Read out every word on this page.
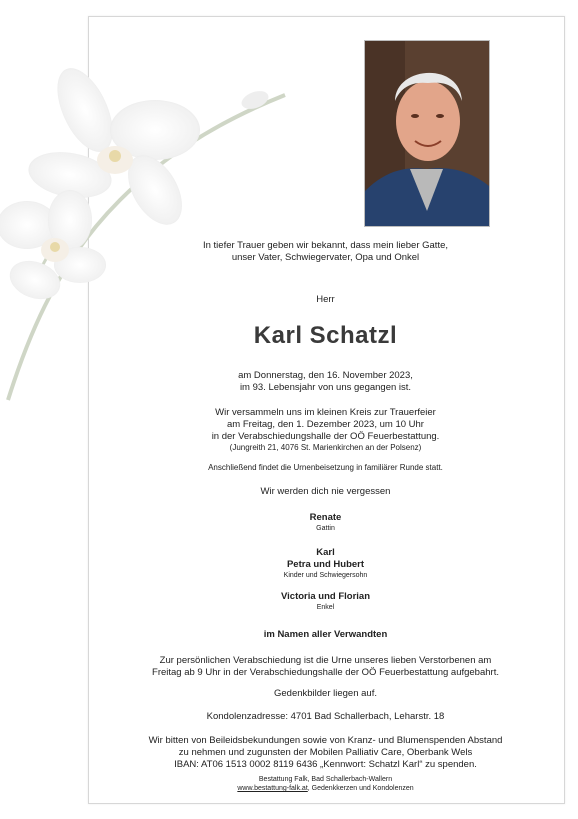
In tiefer Trauer geben wir bekannt, dass mein lieber Gatte,
unser Vater, Schwiegervater, Opa und Onkel
Herr
Karl Schatzl
am Donnerstag, den 16. November 2023,
im 93. Lebensjahr von uns gegangen ist.
Wir versammeln uns im kleinen Kreis zur Trauerfeier
am Freitag, den 1. Dezember 2023, um 10 Uhr
in der Verabschiedungshalle der OÖ Feuerbestattung.
(Jungreith 21, 4076 St. Marienkirchen an der Polsenz)
Anschließend findet die Urnenbeisetzung in familiärer Runde statt.
Wir werden dich nie vergessen
Renate
Gattin
Karl
Petra und Hubert
Kinder und Schwiegersohn
Victoria und Florian
Enkel
im Namen aller Verwandten
Zur persönlichen Verabschiedung ist die Urne unseres lieben Verstorbenen am
Freitag ab 9 Uhr in der Verabschiedungshalle der OÖ Feuerbestattung aufgebahrt.
Gedenkbilder liegen auf.
Kondolenzadresse: 4701 Bad Schallerbach, Leharstr. 18
Wir bitten von Beileidsbekundungen sowie von Kranz- und Blumenspenden Abstand
zu nehmen und zugunsten der Mobilen Palliativ Care, Oberbank Wels
IBAN: AT06 1513 0002 8119 6436 „Kennwort: Schatzl Karl“ zu spenden.
Bestattung Falk, Bad Schallerbach-Wallern
www.bestattung-falk.at, Gedenkkerzen und Kondolenzen
